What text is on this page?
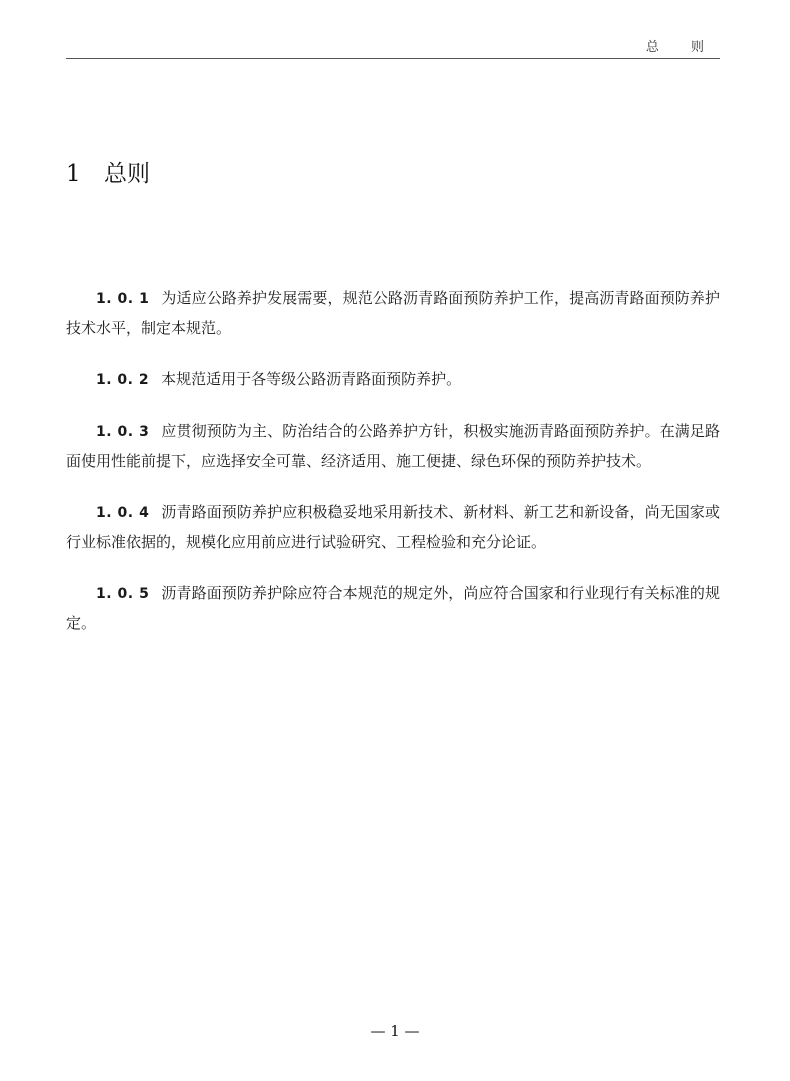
总 则
1 总则

1. 0. 1 为适应公路养护发展需要，规范公路沥青路面预防养护工作，提高沥青路面预防养护技术水平，制定本规范。

1. 0. 2 本规范适用于各等级公路沥青路面预防养护。

1. 0. 3 应贯彻预防为主、防治结合的公路养护方针，积极实施沥青路面预防养护。在满足路面使用性能前提下，应选择安全可靠、经济适用、施工便捷、绿色环保的预防养护技术。

1. 0. 4 沥青路面预防养护应积极稳妥地采用新技术、新材料、新工艺和新设备，尚无国家或行业标准依据的，规模化应用前应进行试验研究、工程检验和充分论证。

1. 0. 5 沥青路面预防养护除应符合本规范的规定外，尚应符合国家和行业现行有关标准的规定。

— 1 —
